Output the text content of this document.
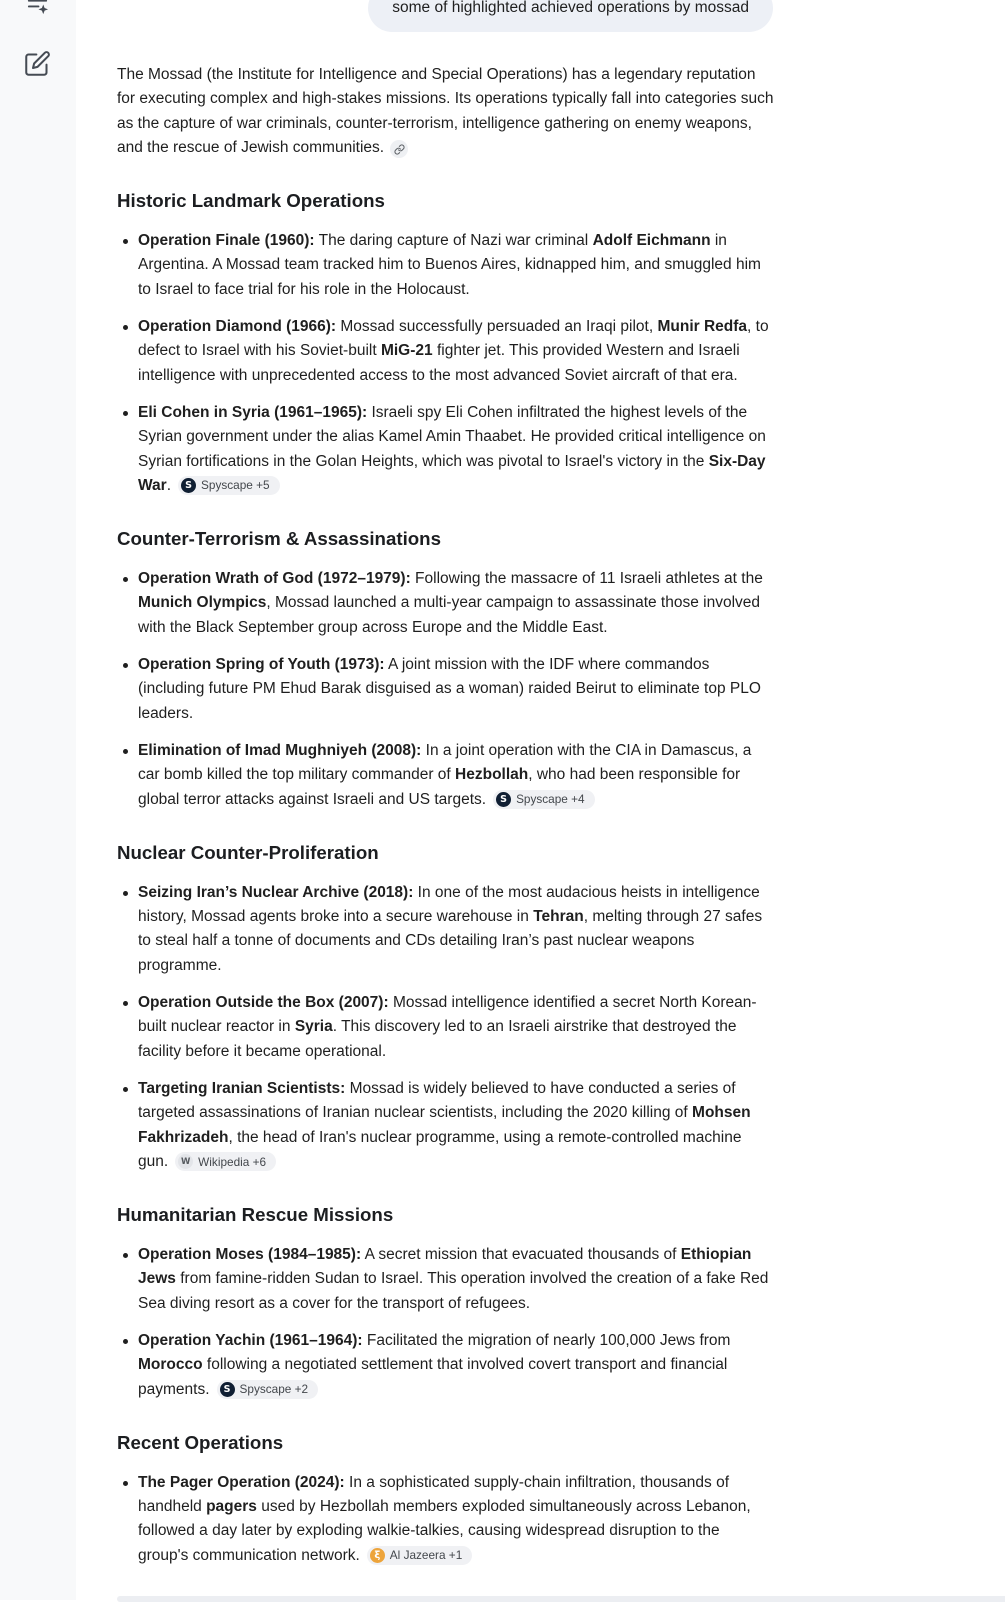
some of highlighted achieved operations by mossad

The Mossad (the Institute for Intelligence and Special Operations) has a legendary reputation for executing complex and high-stakes missions. Its operations typically fall into categories such as the capture of war criminals, counter-terrorism, intelligence gathering on enemy weapons, and the rescue of Jewish communities.

Historic Landmark Operations
Operation Finale (1960): The daring capture of Nazi war criminal Adolf Eichmann in Argentina. A Mossad team tracked him to Buenos Aires, kidnapped him, and smuggled him to Israel to face trial for his role in the Holocaust.
Operation Diamond (1966): Mossad successfully persuaded an Iraqi pilot, Munir Redfa, to defect to Israel with his Soviet-built MiG-21 fighter jet. This provided Western and Israeli intelligence with unprecedented access to the most advanced Soviet aircraft of that era.
Eli Cohen in Syria (1961–1965): Israeli spy Eli Cohen infiltrated the highest levels of the Syrian government under the alias Kamel Amin Thaabet. He provided critical intelligence on Syrian fortifications in the Golan Heights, which was pivotal to Israel's victory in the Six-Day War.	S Spyscape +5
Counter-Terrorism & Assassinations
Operation Wrath of God (1972–1979): Following the massacre of 11 Israeli athletes at the Munich Olympics, Mossad launched a multi-year campaign to assassinate those involved with the Black September group across Europe and the Middle East.
Operation Spring of Youth (1973): A joint mission with the IDF where commandos (including future PM Ehud Barak disguised as a woman) raided Beirut to eliminate top PLO leaders.
Elimination of Imad Mughniyeh (2008): In a joint operation with the CIA in Damascus, a car bomb killed the top military commander of Hezbollah, who had been responsible for global terror attacks against Israeli and US targets.	S Spyscape +4
Nuclear Counter-Proliferation
Seizing Iran’s Nuclear Archive (2018): In one of the most audacious heists in intelligence history, Mossad agents broke into a secure warehouse in Tehran, melting through 27 safes to steal half a tonne of documents and CDs detailing Iran’s past nuclear weapons programme.
Operation Outside the Box (2007): Mossad intelligence identified a secret North Korean-built nuclear reactor in Syria. This discovery led to an Israeli airstrike that destroyed the facility before it became operational.
Targeting Iranian Scientists: Mossad is widely believed to have conducted a series of targeted assassinations of Iranian nuclear scientists, including the 2020 killing of Mohsen Fakhrizadeh, the head of Iran's nuclear programme, using a remote-controlled machine gun.	W Wikipedia +6
Humanitarian Rescue Missions
Operation Moses (1984–1985): A secret mission that evacuated thousands of Ethiopian Jews from famine-ridden Sudan to Israel. This operation involved the creation of a fake Red Sea diving resort as a cover for the transport of refugees.
Operation Yachin (1961–1964): Facilitated the migration of nearly 100,000 Jews from Morocco following a negotiated settlement that involved covert transport and financial payments.	S Spyscape +2
Recent Operations
The Pager Operation (2024): In a sophisticated supply-chain infiltration, thousands of handheld pagers used by Hezbollah members exploded simultaneously across Lebanon, followed a day later by exploding walkie-talkies, causing widespread disruption to the group's communication network.	ξ Al Jazeera +1
